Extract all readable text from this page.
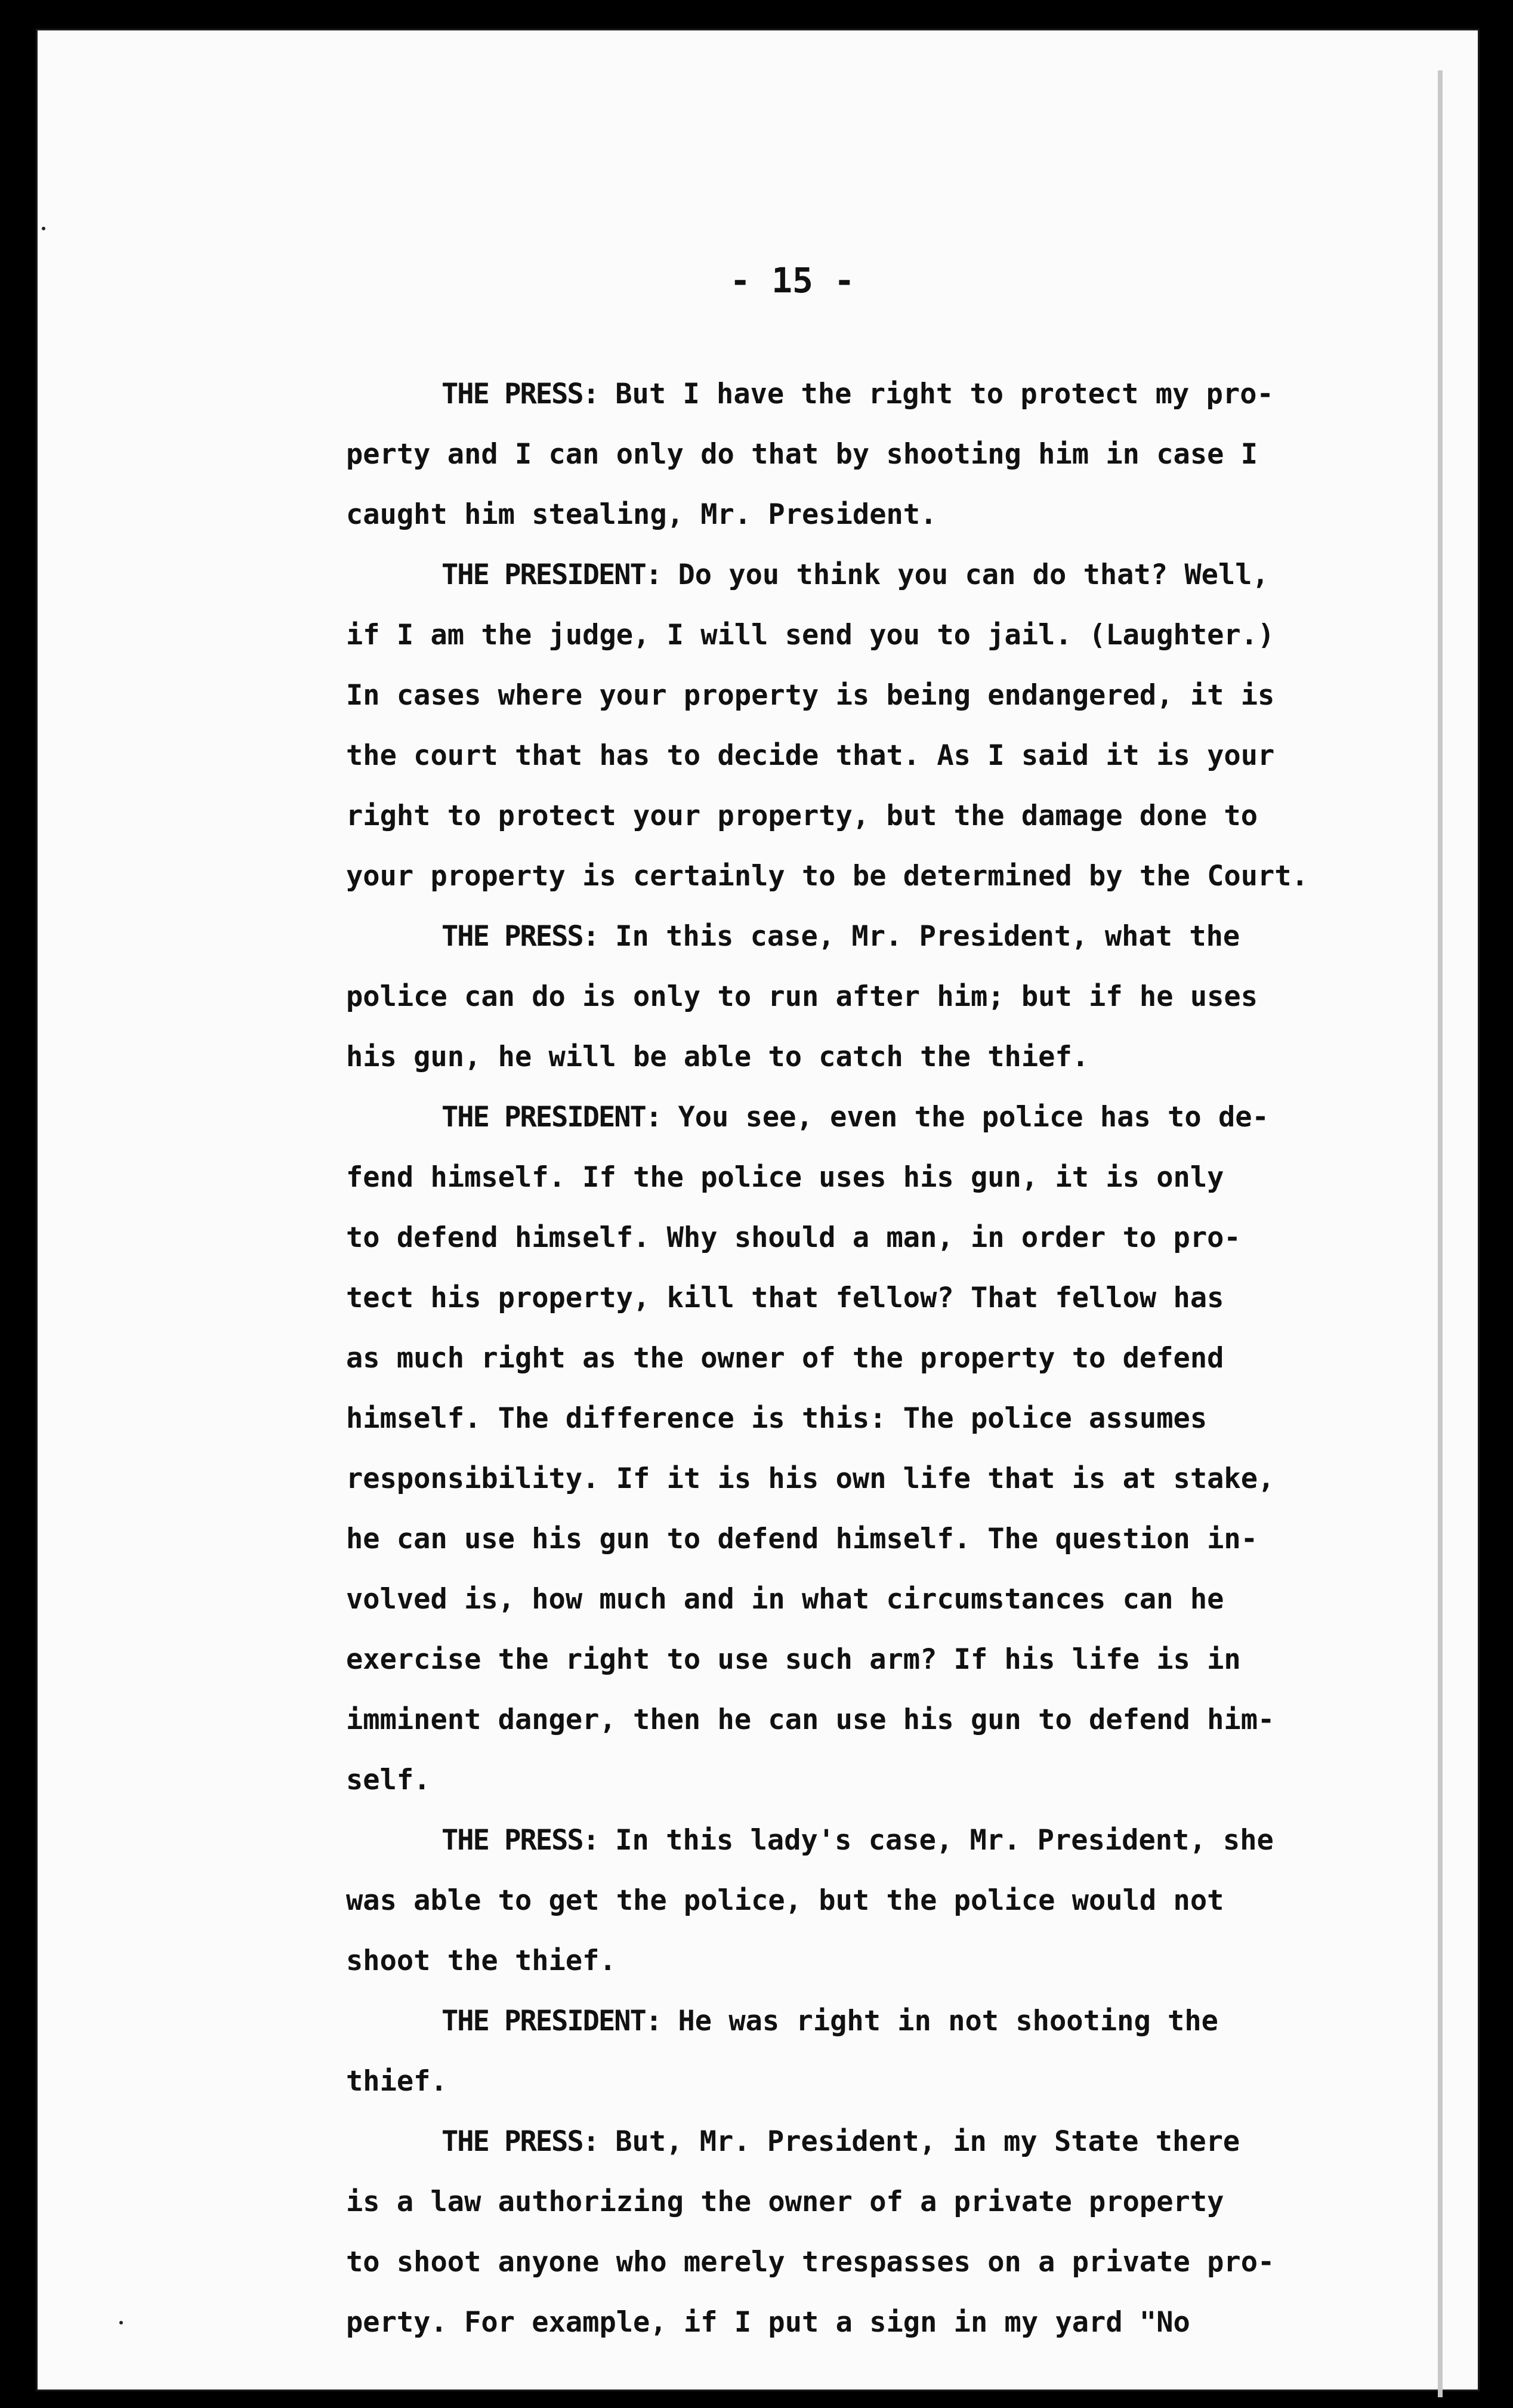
- 15 -
THE PRESS: But I have the right to protect my pro-
perty and I can only do that by shooting him in case I
caught him stealing, Mr. President.
THE PRESIDENT: Do you think you can do that? Well,
if I am the judge, I will send you to jail. (Laughter.)
In cases where your property is being endangered, it is
the court that has to decide that. As I said it is your
right to protect your property, but the damage done to
your property is certainly to be determined by the Court.
THE PRESS: In this case, Mr. President, what the
police can do is only to run after him; but if he uses
his gun, he will be able to catch the thief.
THE PRESIDENT: You see, even the police has to de-
fend himself. If the police uses his gun, it is only
to defend himself. Why should a man, in order to pro-
tect his property, kill that fellow? That fellow has
as much right as the owner of the property to defend
himself. The difference is this: The police assumes
responsibility. If it is his own life that is at stake,
he can use his gun to defend himself. The question in-
volved is, how much and in what circumstances can he
exercise the right to use such arm? If his life is in
imminent danger, then he can use his gun to defend him-
self.
THE PRESS: In this lady's case, Mr. President, she
was able to get the police, but the police would not
shoot the thief.
THE PRESIDENT: He was right in not shooting the
thief.
THE PRESS: But, Mr. President, in my State there
is a law authorizing the owner of a private property
to shoot anyone who merely trespasses on a private pro-
perty. For example, if I put a sign in my yard "No
